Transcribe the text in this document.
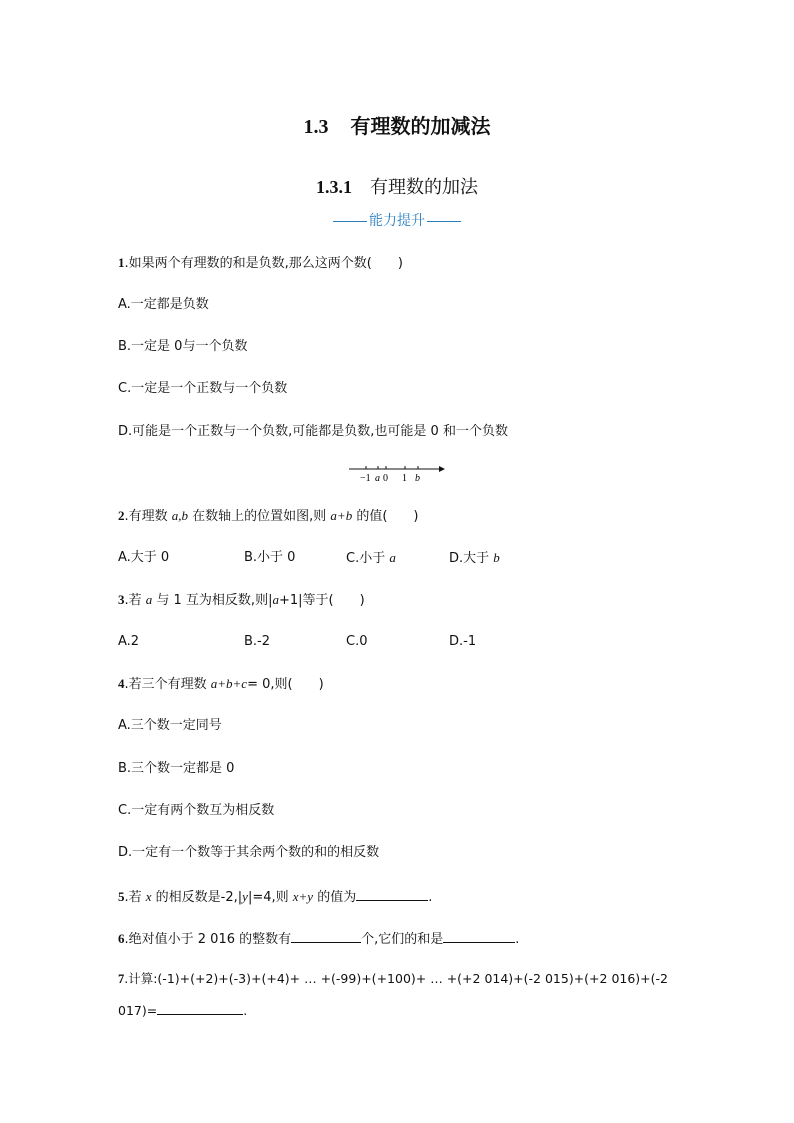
1.3 有理数的加减法
1.3.1 有理数的加法
能力提升
1.如果两个有理数的和是负数,那么这两个数(　　)
A.一定都是负数
B.一定是 0与一个负数
C.一定是一个正数与一个负数
D.可能是一个正数与一个负数,可能都是负数,也可能是 0 和一个负数
−1 a 0 1 b
2.有理数 a,b 在数轴上的位置如图,则 a+b 的值(　　)
A.大于 0	B.小于 0	C.小于 a	D.大于 b
3.若 a 与 1 互为相反数,则|a+1|等于(　　)
A.2	B.-2	C.0	D.-1
4.若三个有理数 a+b+c= 0,则(　　)
A.三个数一定同号
B.三个数一定都是 0
C.一定有两个数互为相反数
D.一定有一个数等于其余两个数的和的相反数
5.若 x 的相反数是-2,|y|=4,则 x+y 的值为	.
6.绝对值小于 2 016 的整数有	个,它们的和是	.
7.计算:(-1)+(+2)+(-3)+(+4)+ … +(-99)+(+100)+ … +(+2 014)+(-2 015)+(+2 016)+(-2
017)=	.
